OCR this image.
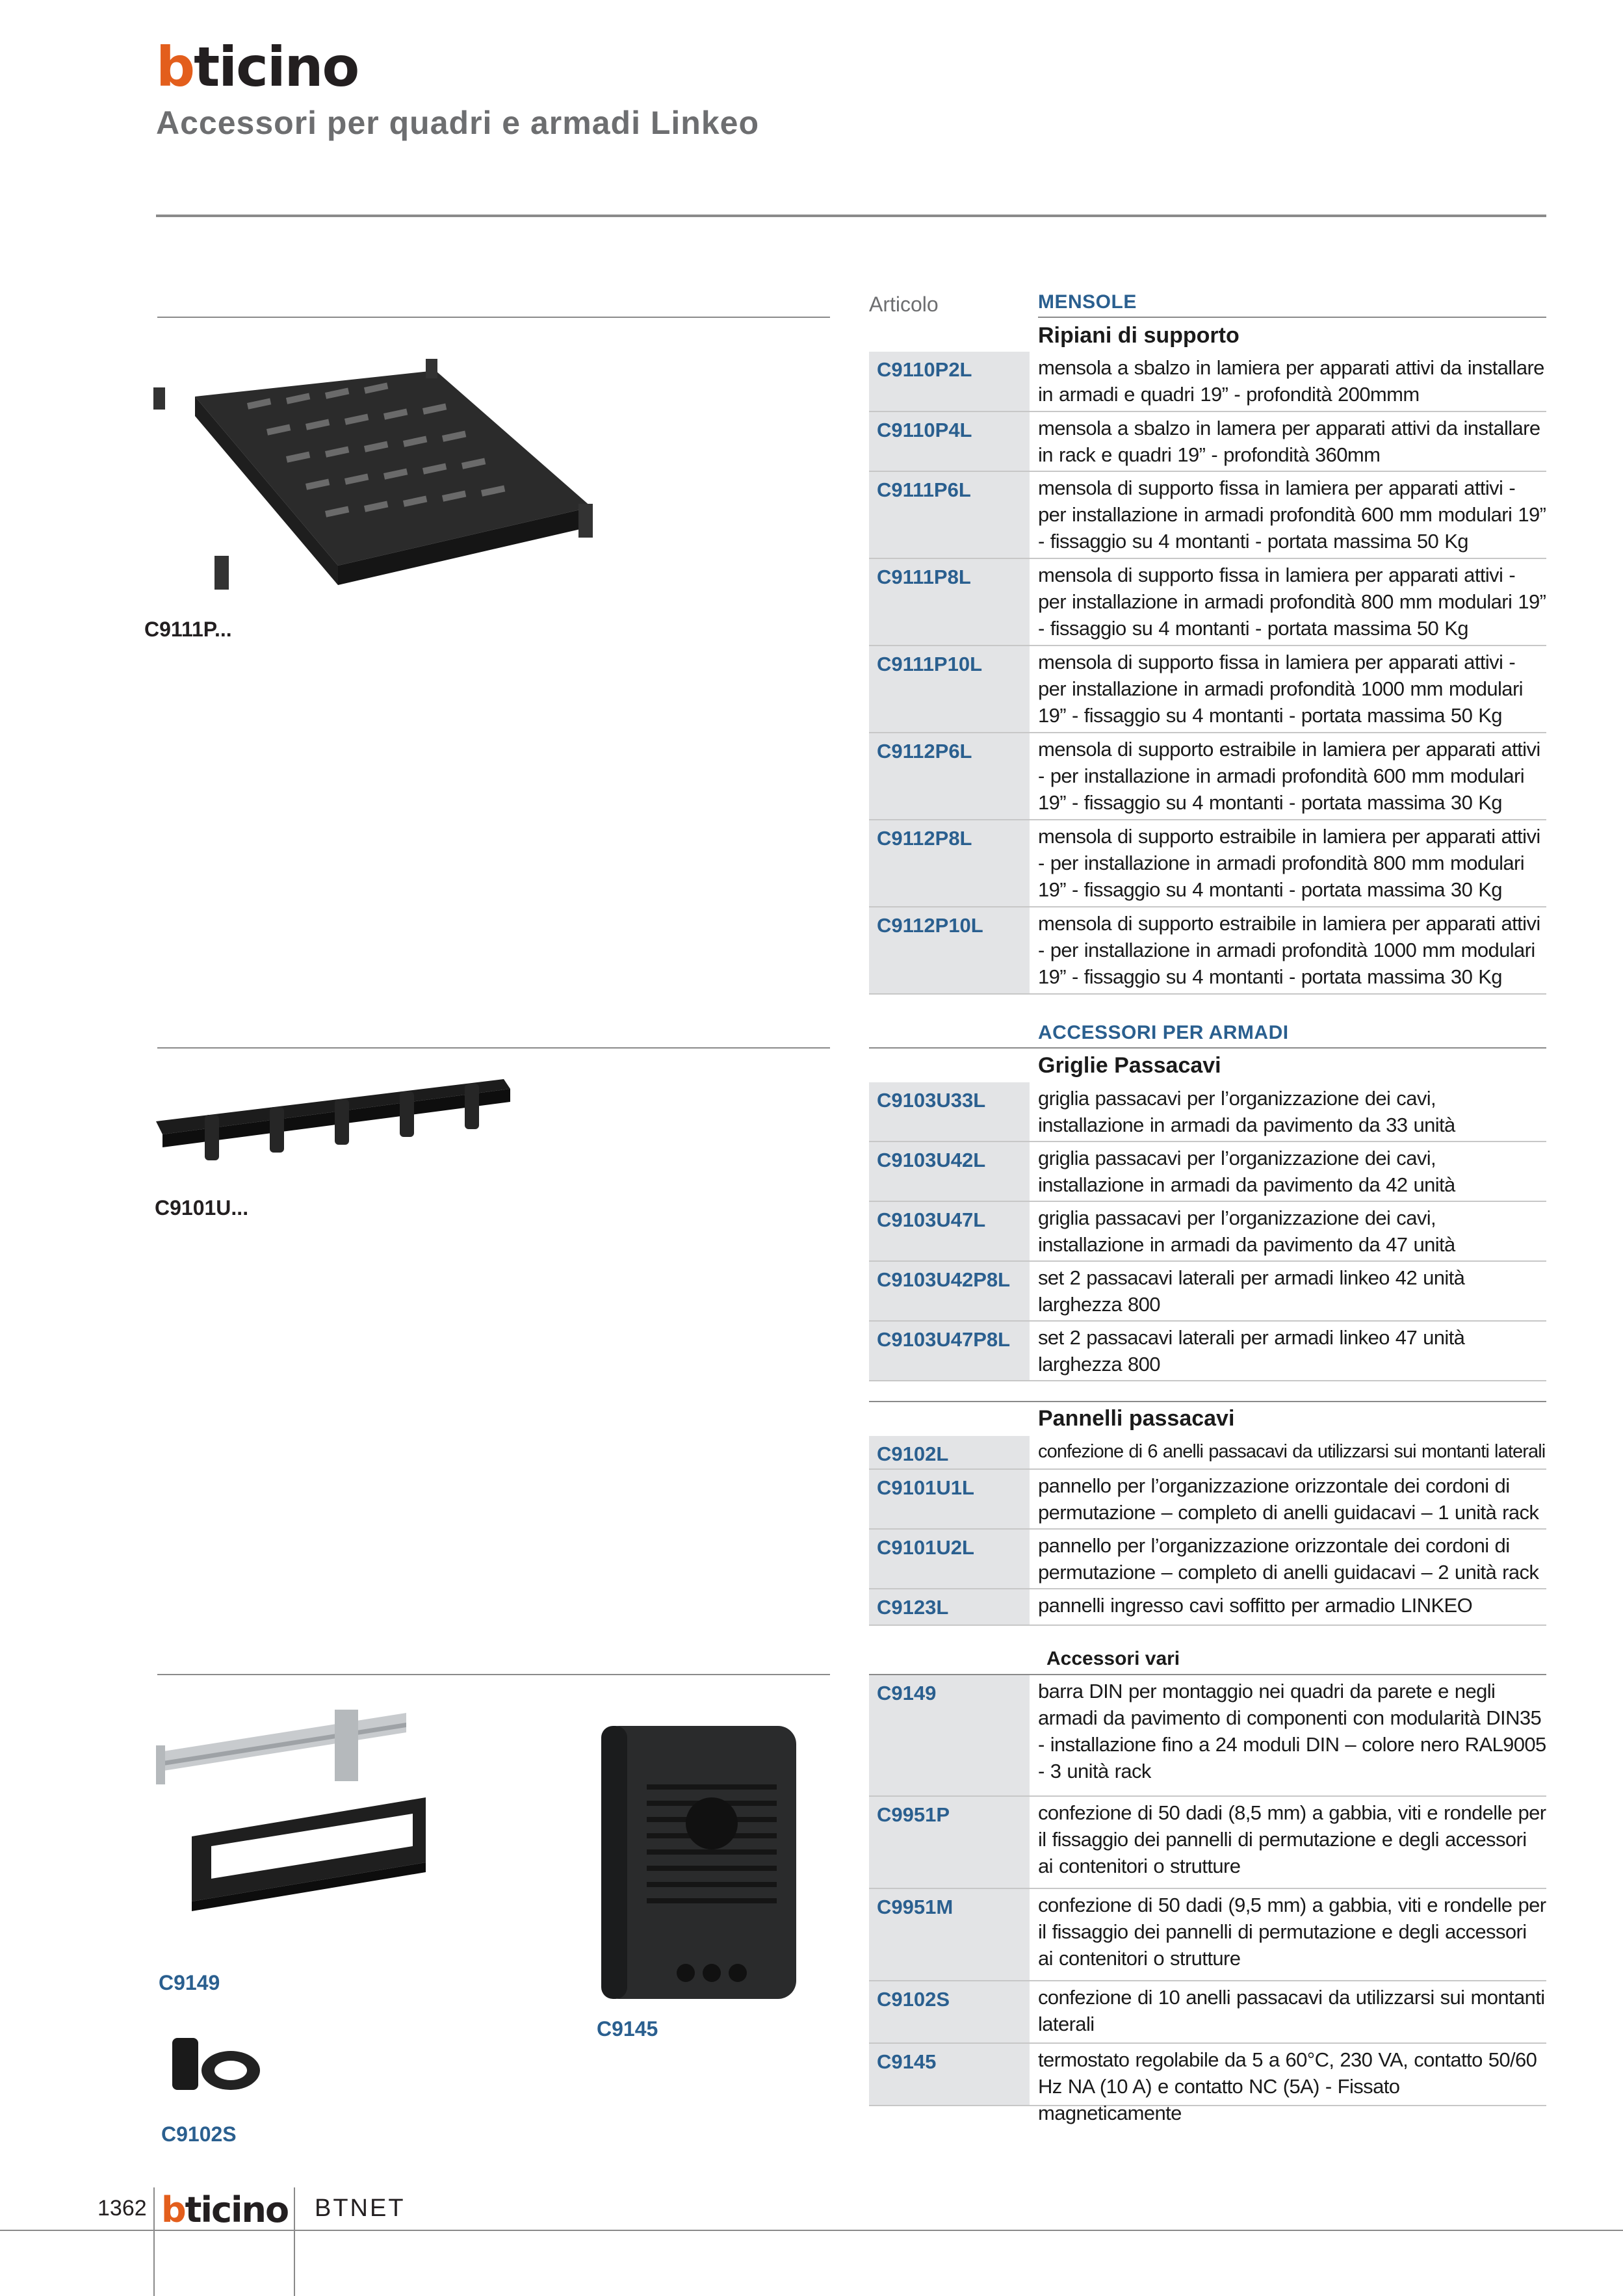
bticino
Accessori per quadri e armadi Linkeo
C9111P...
C9101U...
C9149
C9145
C9102S
Articolo	MENSOLE
Ripiani di supporto
C9110P2L	mensola a sbalzo in lamiera per apparati attivi da installare in armadi e quadri 19” - profondità 200mmm
C9110P4L	mensola a sbalzo in lamera per apparati attivi da installare in rack e quadri 19” - profondità 360mm
C9111P6L	mensola di supporto fissa in lamiera per apparati attivi - per installazione in armadi profondità 600 mm modulari 19” - fissaggio su 4 montanti - portata massima 50 Kg
C9111P8L	mensola di supporto fissa in lamiera per apparati attivi - per installazione in armadi profondità 800 mm modulari 19” - fissaggio su 4 montanti - portata massima 50 Kg
C9111P10L	mensola di supporto fissa in lamiera per apparati attivi - per installazione in armadi profondità 1000 mm modulari 19” - fissaggio su 4 montanti - portata massima 50 Kg
C9112P6L	mensola di supporto estraibile in lamiera per apparati attivi - per installazione in armadi profondità 600 mm modulari 19” - fissaggio su 4 montanti - portata massima 30 Kg
C9112P8L	mensola di supporto estraibile in lamiera per apparati attivi - per installazione in armadi profondità 800 mm modulari 19” - fissaggio su 4 montanti - portata massima 30 Kg
C9112P10L	mensola di supporto estraibile in lamiera per apparati attivi - per installazione in armadi profondità 1000 mm modulari 19” - fissaggio su 4 montanti - portata massima 30 Kg
ACCESSORI PER ARMADI
Griglie Passacavi
C9103U33L	griglia passacavi per l’organizzazione dei cavi, installazione in armadi da pavimento da 33 unità
C9103U42L	griglia passacavi per l’organizzazione dei cavi, installazione in armadi da pavimento da 42 unità
C9103U47L	griglia passacavi per l’organizzazione dei cavi, installazione in armadi da pavimento da 47 unità
C9103U42P8L	set 2 passacavi laterali per armadi linkeo 42 unità larghezza 800
C9103U47P8L	set 2 passacavi laterali per armadi linkeo 47 unità larghezza 800
Pannelli passacavi
C9102L	confezione di 6 anelli passacavi da utilizzarsi sui montanti laterali
C9101U1L	pannello per l’organizzazione orizzontale dei cordoni di permutazione – completo di anelli guidacavi – 1 unità rack
C9101U2L	pannello per l’organizzazione orizzontale dei cordoni di permutazione – completo di anelli guidacavi – 2 unità rack
C9123L	pannelli ingresso cavi soffitto per armadio LINKEO
Accessori vari
C9149	barra DIN per montaggio nei quadri da parete e negli armadi da pavimento di componenti con modularità DIN35 - installazione fino a 24 moduli DIN – colore nero RAL9005 - 3 unità rack
C9951P	confezione di 50 dadi (8,5 mm) a gabbia, viti e rondelle per il fissaggio dei pannelli di permutazione e degli accessori ai contenitori o strutture
C9951M	confezione di 50 dadi (9,5 mm) a gabbia, viti e rondelle per il fissaggio dei pannelli di permutazione e degli accessori ai contenitori o strutture
C9102S	confezione di 10 anelli passacavi da utilizzarsi sui montanti laterali
C9145	termostato regolabile da 5 a 60°C, 230 VA, contatto 50/60 Hz NA (10 A) e contatto NC (5A) - Fissato magneticamente
1362 bticino BTNET
